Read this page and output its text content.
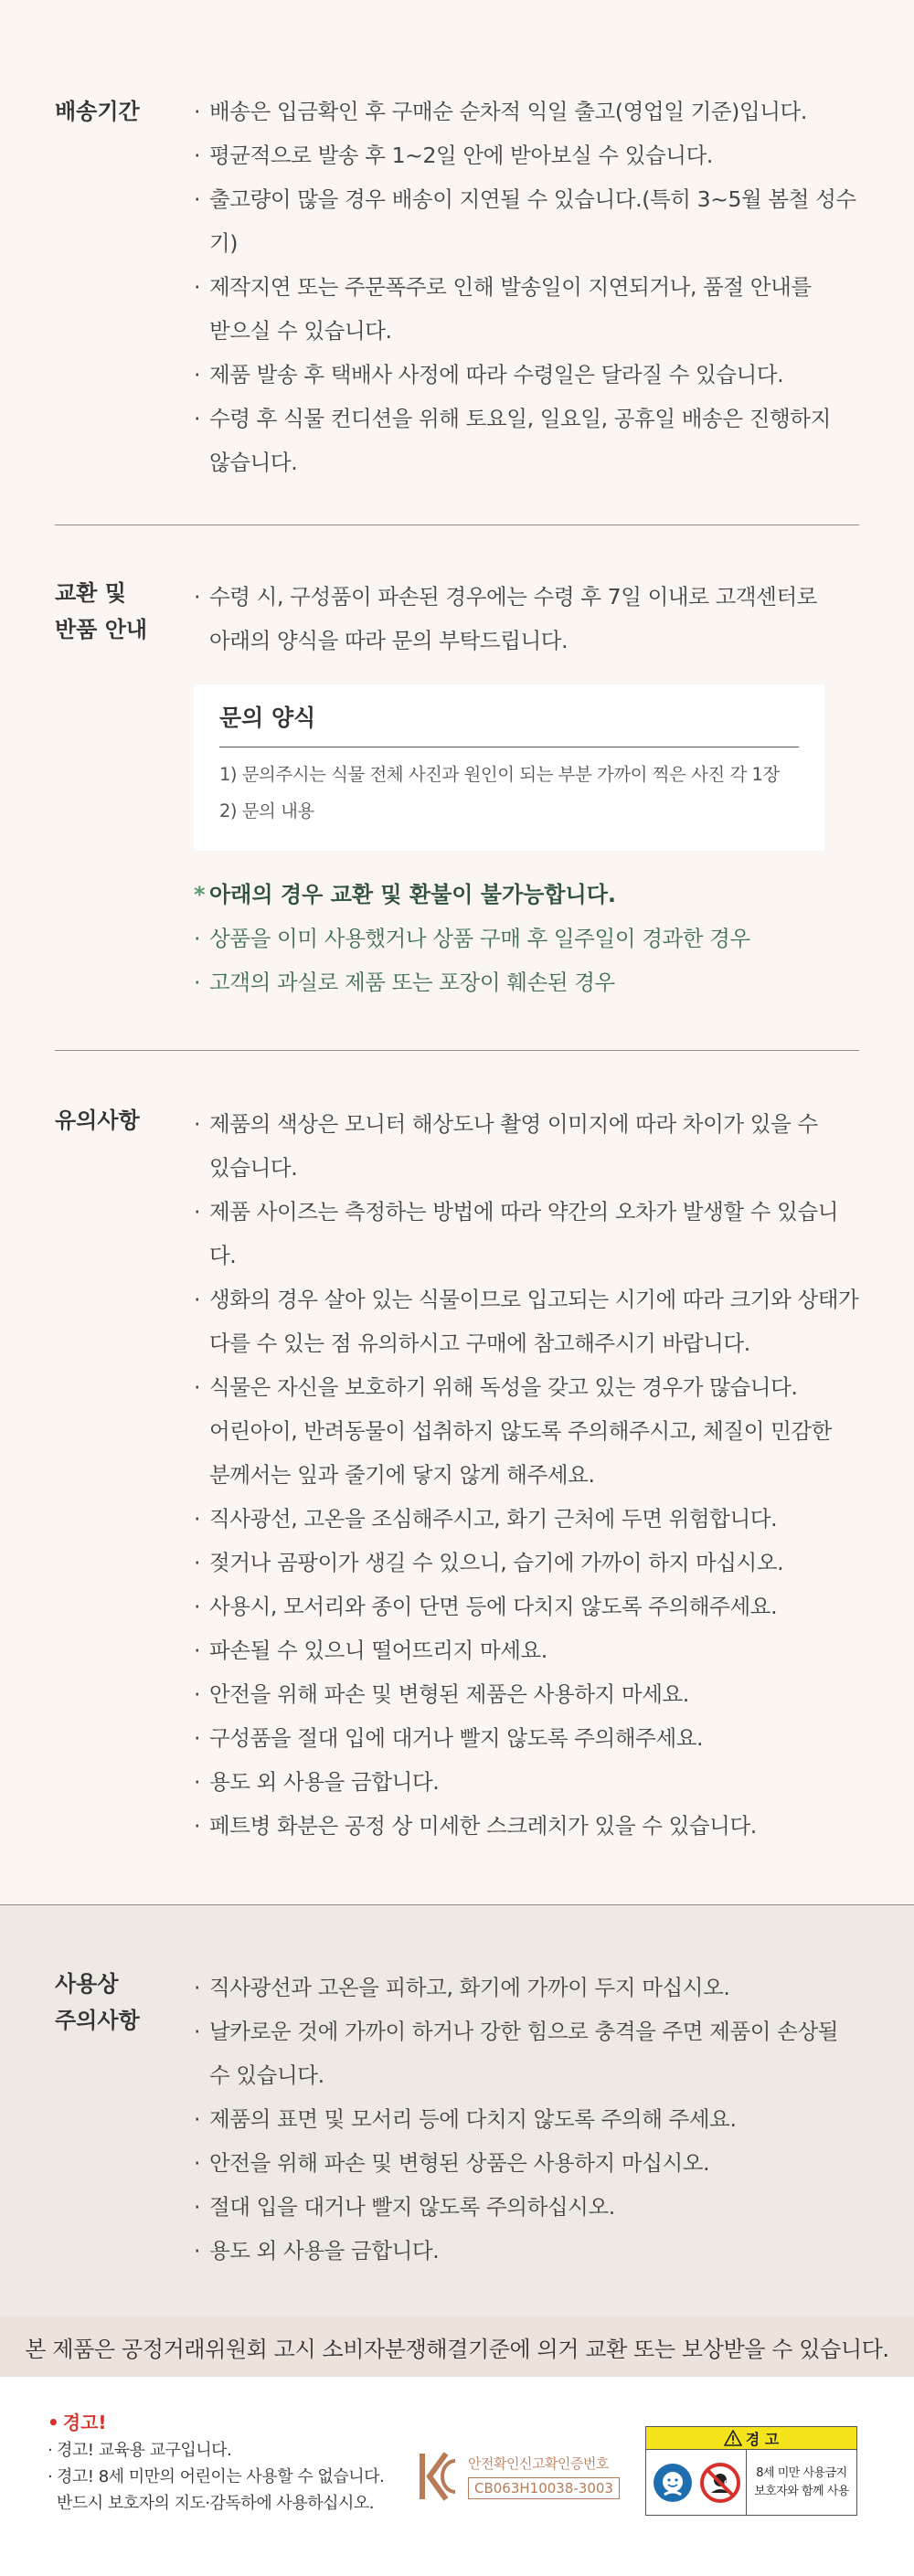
배송기간	· 배송은 입금확인 후 구매순 순차적 익일 출고(영업일 기준)입니다.
· 평균적으로 발송 후 1~2일 안에 받아보실 수 있습니다.
· 출고량이 많을 경우 배송이 지연될 수 있습니다.(특히 3~5월 봄철 성수기)
· 제작지연 또는 주문폭주로 인해 발송일이 지연되거나, 품절 안내를
받으실 수 있습니다.
· 제품 발송 후 택배사 사정에 따라 수령일은 달라질 수 있습니다.
· 수령 후 식물 컨디션을 위해 토요일, 일요일, 공휴일 배송은 진행하지
않습니다.
교환 및
반품 안내
· 수령 시, 구성품이 파손된 경우에는 수령 후 7일 이내로 고객센터로
아래의 양식을 따라 문의 부탁드립니다.
문의 양식
1) 문의주시는 식물 전체 사진과 원인이 되는 부분 가까이 찍은 사진 각 1장
2) 문의 내용
* 아래의 경우 교환 및 환불이 불가능합니다.
· 상품을 이미 사용했거나 상품 구매 후 일주일이 경과한 경우
· 고객의 과실로 제품 또는 포장이 훼손된 경우
유의사항	· 제품의 색상은 모니터 해상도나 촬영 이미지에 따라 차이가 있을 수
있습니다.
· 제품 사이즈는 측정하는 방법에 따라 약간의 오차가 발생할 수 있습니다.
· 생화의 경우 살아 있는 식물이므로 입고되는 시기에 따라 크기와 상태가
다를 수 있는 점 유의하시고 구매에 참고해주시기 바랍니다.
· 식물은 자신을 보호하기 위해 독성을 갖고 있는 경우가 많습니다.
어린아이, 반려동물이 섭취하지 않도록 주의해주시고, 체질이 민감한
분께서는 잎과 줄기에 닿지 않게 해주세요.
· 직사광선, 고온을 조심해주시고, 화기 근처에 두면 위험합니다.
· 젖거나 곰팡이가 생길 수 있으니, 습기에 가까이 하지 마십시오.
· 사용시, 모서리와 종이 단면 등에 다치지 않도록 주의해주세요.
· 파손될 수 있으니 떨어뜨리지 마세요.
· 안전을 위해 파손 및 변형된 제품은 사용하지 마세요.
· 구성품을 절대 입에 대거나 빨지 않도록 주의해주세요.
· 용도 외 사용을 금합니다.
· 페트병 화분은 공정 상 미세한 스크레치가 있을 수 있습니다.
사용상
주의사항
· 직사광선과 고온을 피하고, 화기에 가까이 두지 마십시오.
· 날카로운 것에 가까이 하거나 강한 힘으로 충격을 주면 제품이 손상될
수 있습니다.
· 제품의 표면 및 모서리 등에 다치지 않도록 주의해 주세요.
· 안전을 위해 파손 및 변형된 상품은 사용하지 마십시오.
· 절대 입을 대거나 빨지 않도록 주의하십시오.
· 용도 외 사용을 금합니다.
본 제품은 공정거래위원회 고시 소비자분쟁해결기준에 의거 교환 또는 보상받을 수 있습니다.
• 경고!
· 경고! 교육용 교구입니다.
· 경고! 8세 미만의 어린이는 사용할 수 없습니다.
반드시 보호자의 지도·감독하에 사용하십시오.
안전확인신고확인증번호
CB063H10038-3003
경 고
0-8
8세 미만 사용금지
보호자와 함께 사용
